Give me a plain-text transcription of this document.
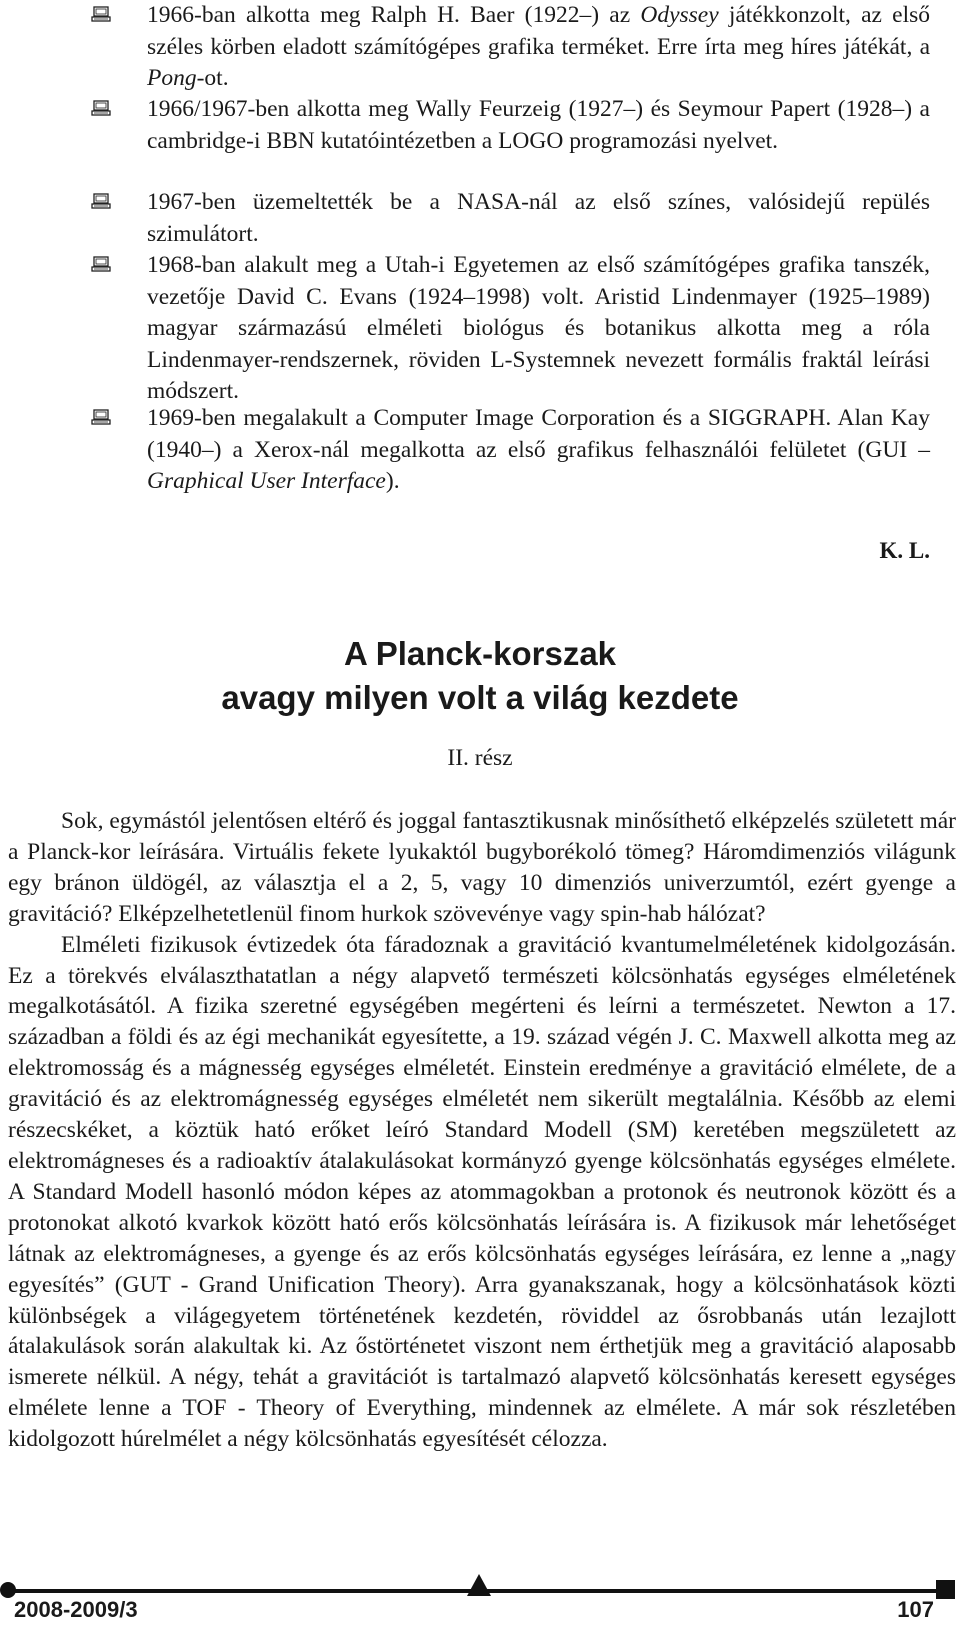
1966-ban alkotta meg Ralph H. Baer (1922–) az Odyssey játékkonzolt, az első széles körben eladott számítógépes grafika terméket. Erre írta meg híres játékát, a Pong-ot.
1966/1967-ben alkotta meg Wally Feurzeig (1927–) és Seymour Papert (1928–) a cambridge-i BBN kutatóintézetben a LOGO programozási nyelvet.
1967-ben üzemeltették be a NASA-nál az első színes, valósidejű repülés szimulátort.
1968-ban alakult meg a Utah-i Egyetemen az első számítógépes grafika tanszék, vezetője David C. Evans (1924–1998) volt. Aristid Lindenmayer (1925–1989) magyar származású elméleti biológus és botanikus alkotta meg a róla Lindenmayer-rendszernek, röviden L-Systemnek nevezett formális fraktál leírási módszert.
1969-ben megalakult a Computer Image Corporation és a SIGGRAPH. Alan Kay (1940–) a Xerox-nál megalkotta az első grafikus felhasználói felületet (GUI – Graphical User Interface).
K. L.
A Planck-korszak
avagy milyen volt a világ kezdete
II. rész

Sok, egymástól jelentősen eltérő és joggal fantasztikusnak minősíthető elképzelés született már a Planck-kor leírására. Virtuális fekete lyukaktól bugyborékoló tömeg? Háromdimenziós világunk egy bránon üldögél, az választja el a 2, 5, vagy 10 dimenziós univerzumtól, ezért gyenge a gravitáció? Elképzelhetetlenül finom hurkok szövevénye vagy spin-hab hálózat?

Elméleti fizikusok évtizedek óta fáradoznak a gravitáció kvantumelméletének kidolgozásán. Ez a törekvés elválaszthatatlan a négy alapvető természeti kölcsönhatás egységes elméletének megalkotásától. A fizika szeretné egységében megérteni és leírni a természetet. Newton a 17. században a földi és az égi mechanikát egyesítette, a 19. század végén J. C. Maxwell alkotta meg az elektromosság és a mágnesség egységes elméletét. Einstein eredménye a gravitáció elmélete, de a gravitáció és az elektromágnesség egységes elméletét nem sikerült megtalálnia. Később az elemi részecskéket, a köztük ható erőket leíró Standard Modell (SM) keretében megszületett az elektromágneses és a radioaktív átalakulásokat kormányzó gyenge kölcsönhatás egységes elmélete. A Standard Modell hasonló módon képes az atommagokban a protonok és neutronok között és a protonokat alkotó kvarkok között ható erős kölcsönhatás leírására is. A fizikusok már lehetőséget látnak az elektromágneses, a gyenge és az erős kölcsönhatás egységes leírására, ez lenne a „nagy egyesítés” (GUT - Grand Unification Theory). Arra gyanakszanak, hogy a kölcsönhatások közti különbségek a világegyetem történetének kezdetén, röviddel az ősrobbanás után lezajlott átalakulások során alakultak ki. Az őstörténetet viszont nem érthetjük meg a gravitáció alaposabb ismerete nélkül. A négy, tehát a gravitációt is tartalmazó alapvető kölcsönhatás keresett egységes elmélete lenne a TOF - Theory of Everything, mindennek az elmélete. A már sok részletében kidolgozott húrelmélet a négy kölcsönhatás egyesítését célozza.

2008-2009/3	107
